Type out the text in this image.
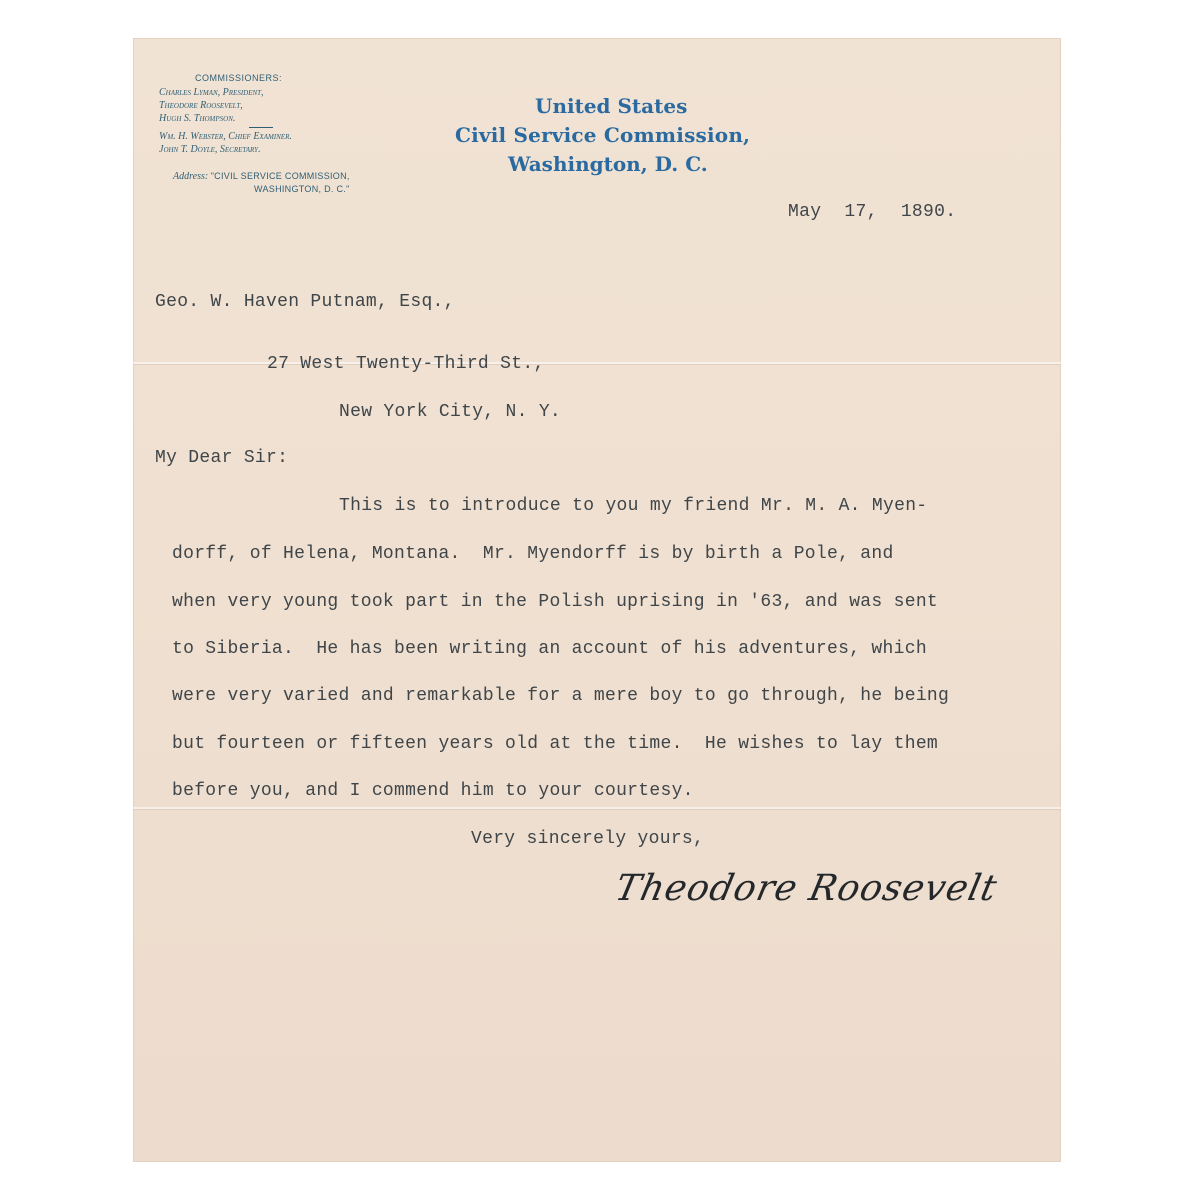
COMMISSIONERS:
Charles Lyman, President,
Theodore Roosevelt,
Hugh S. Thompson.
Wm. H. Webster, Chief Examiner.
John T. Doyle, Secretary.
Address: "CIVIL SERVICE COMMISSION,
WASHINGTON, D. C."
United States
Civil Service Commission,
Washington, D. C.
May 17, 1890.
Geo. W. Haven Putnam, Esq.,
27 West Twenty-Third St.,
New York City, N. Y.
My Dear Sir:
This is to introduce to you my friend Mr. M. A. Myen-
dorff, of Helena, Montana.  Mr. Myendorff is by birth a Pole, and
when very young took part in the Polish uprising in '63, and was sent
to Siberia.  He has been writing an account of his adventures, which
were very varied and remarkable for a mere boy to go through, he being
but fourteen or fifteen years old at the time.  He wishes to lay them
before you, and I commend him to your courtesy.
Very sincerely yours,
Theodore Roosevelt
